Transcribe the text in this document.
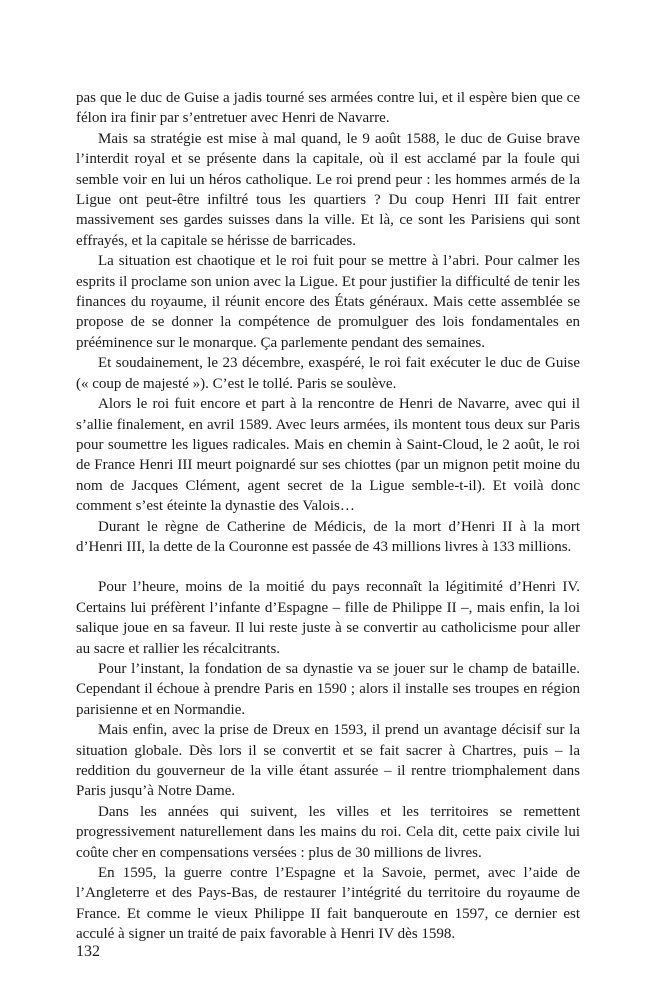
pas que le duc de Guise a jadis tourné ses armées contre lui, et il espère bien que ce félon ira finir par s’entretuer avec Henri de Navarre.

Mais sa stratégie est mise à mal quand, le 9 août 1588, le duc de Guise brave l’interdit royal et se présente dans la capitale, où il est acclamé par la foule qui semble voir en lui un héros catholique. Le roi prend peur : les hommes armés de la Ligue ont peut-être infiltré tous les quartiers ? Du coup Henri III fait entrer massivement ses gardes suisses dans la ville. Et là, ce sont les Parisiens qui sont effrayés, et la capitale se hérisse de barricades.

La situation est chaotique et le roi fuit pour se mettre à l’abri. Pour calmer les esprits il proclame son union avec la Ligue. Et pour justifier la difficulté de tenir les finances du royaume, il réunit encore des États généraux. Mais cette assemblée se propose de se donner la compétence de promulguer des lois fondamentales en prééminence sur le monarque. Ça parlemente pendant des semaines.

Et soudainement, le 23 décembre, exaspéré, le roi fait exécuter le duc de Guise (« coup de majesté »). C’est le tollé. Paris se soulève.

Alors le roi fuit encore et part à la rencontre de Henri de Navarre, avec qui il s’allie finalement, en avril 1589. Avec leurs armées, ils montent tous deux sur Paris pour soumettre les ligues radicales. Mais en chemin à Saint-Cloud, le 2 août, le roi de France Henri III meurt poignardé sur ses chiottes (par un mignon petit moine du nom de Jacques Clément, agent secret de la Ligue semble-t-il). Et voilà donc comment s’est éteinte la dynastie des Valois…

Durant le règne de Catherine de Médicis, de la mort d’Henri II à la mort d’Henri III, la dette de la Couronne est passée de 43 millions livres à 133 millions.

Pour l’heure, moins de la moitié du pays reconnaît la légitimité d’Henri IV. Certains lui préfèrent l’infante d’Espagne – fille de Philippe II –, mais enfin, la loi salique joue en sa faveur. Il lui reste juste à se convertir au catholicisme pour aller au sacre et rallier les récalcitrants.

Pour l’instant, la fondation de sa dynastie va se jouer sur le champ de bataille. Cependant il échoue à prendre Paris en 1590 ; alors il installe ses troupes en région parisienne et en Normandie.

Mais enfin, avec la prise de Dreux en 1593, il prend un avantage décisif sur la situation globale. Dès lors il se convertit et se fait sacrer à Chartres, puis – la reddition du gouverneur de la ville étant assurée – il rentre triomphalement dans Paris jusqu’à Notre Dame.

Dans les années qui suivent, les villes et les territoires se remettent progressivement naturellement dans les mains du roi. Cela dit, cette paix civile lui coûte cher en compensations versées : plus de 30 millions de livres.

En 1595, la guerre contre l’Espagne et la Savoie, permet, avec l’aide de l’Angleterre et des Pays-Bas, de restaurer l’intégrité du territoire du royaume de France. Et comme le vieux Philippe II fait banqueroute en 1597, ce dernier est acculé à signer un traité de paix favorable à Henri IV dès 1598.

132
